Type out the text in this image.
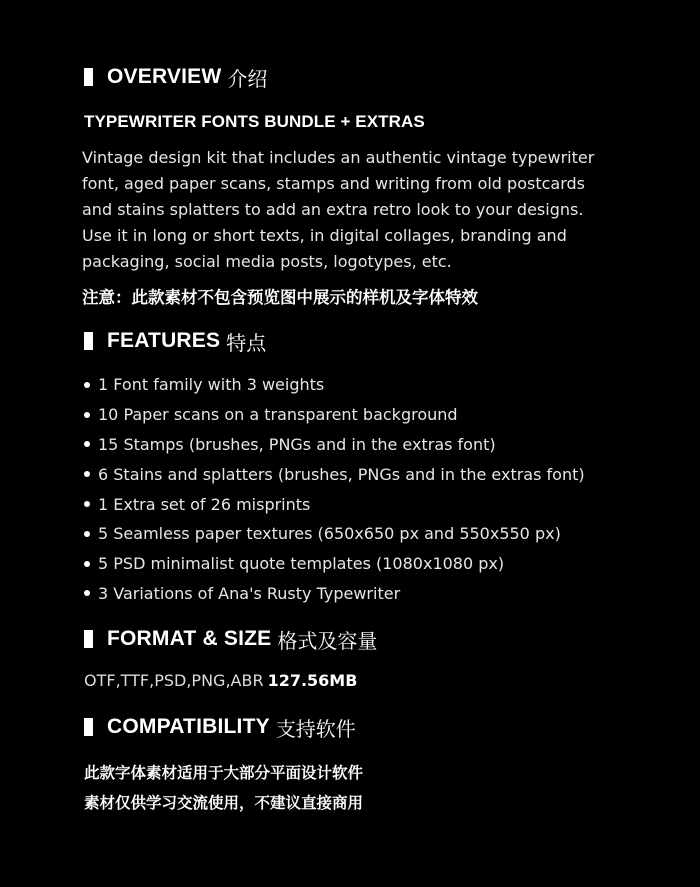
OVERVIEW 介绍
TYPEWRITER FONTS BUNDLE + EXTRAS
Vintage design kit that includes an authentic vintage typewriter
font, aged paper scans, stamps and writing from old postcards
and stains splatters to add an extra retro look to your designs.
Use it in long or short texts, in digital collages, branding and
packaging, social media posts, logotypes, etc.
注意：此款素材不包含预览图中展示的样机及字体特效
FEATURES 特点
1 Font family with 3 weights
10 Paper scans on a transparent background
15 Stamps (brushes, PNGs and in the extras font)
6 Stains and splatters (brushes, PNGs and in the extras font)
1 Extra set of 26 misprints
5 Seamless paper textures (650x650 px and 550x550 px)
5 PSD minimalist quote templates (1080x1080 px)
3 Variations of Ana's Rusty Typewriter
FORMAT & SIZE 格式及容量
OTF,TTF,PSD,PNG,ABR 127.56MB
COMPATIBILITY 支持软件
此款字体素材适用于大部分平面设计软件
素材仅供学习交流使用，不建议直接商用
